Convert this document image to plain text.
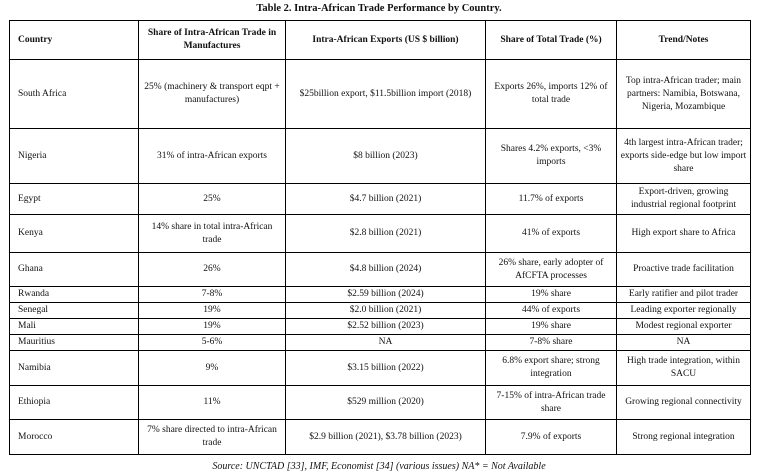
Table 2. Intra-African Trade Performance by Country.
Country	Share of Intra-African Trade in Manufactures	Intra-African Exports (US $ billion)	Share of Total Trade (%)	Trend/Notes
South Africa	25% (machinery & transport eqpt + manufactures)	$25billion export, $11.5billion import (2018)	Exports 26%, imports 12% of total trade	Top intra-African trader; main partners: Namibia, Botswana, Nigeria, Mozambique
Nigeria	31% of intra-African exports	$8 billion (2023)	Shares 4.2% exports, <3% imports	4th largest intra-African trader; exports side-edge but low import share
Egypt	25%	$4.7 billion (2021)	11.7% of exports	Export-driven, growing industrial regional footprint
Kenya	14% share in total intra-African trade	$2.8 billion (2021)	41% of exports	High export share to Africa
Ghana	26%	$4.8 billion (2024)	26% share, early adopter of AfCFTA processes	Proactive trade facilitation
Rwanda	7-8%	$2.59 billion (2024)	19% share	Early ratifier and pilot trader
Senegal	19%	$2.0 billion (2021)	44% of exports	Leading exporter regionally
Mali	19%	$2.52 billion (2023)	19% share	Modest regional exporter
Mauritius	5-6%	NA	7-8% share	NA
Namibia	9%	$3.15 billion (2022)	6.8% export share; strong integration	High trade integration, within SACU
Ethiopia	11%	$529 million (2020)	7-15% of intra-African trade share	Growing regional connectivity
Morocco	7% share directed to intra-African trade	$2.9 billion (2021), $3.78 billion (2023)	7.9% of exports	Strong regional integration
Source: UNCTAD [33], IMF, Economist [34] (various issues) NA* = Not Available
